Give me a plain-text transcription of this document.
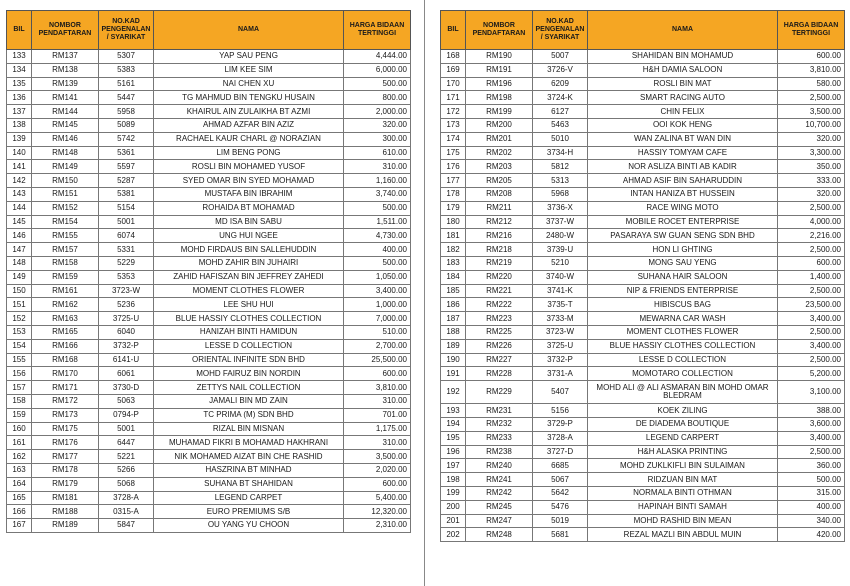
BIL	NOMBOR PENDAFTARAN	NO.KAD PENGENALAN / SYARIKAT	NAMA	HARGA BIDAAN TERTINGGI
133	RM137	5307	YAP SAU PENG	4,444.00
134	RM138	5383	LIM KEE SIM	6,000.00
135	RM139	5161	NAI CHEN XU	500.00
136	RM141	5447	TG MAHMUD BIN TENGKU HUSAIN	800.00
137	RM144	5958	KHAIRUL AIN ZULAIKHA BT AZMI	2,000.00
138	RM145	5089	AHMAD AZFAR BIN AZIZ	320.00
139	RM146	5742	RACHAEL KAUR CHARL @ NORAZIAN	300.00
140	RM148	5361	LIM BENG PONG	610.00
141	RM149	5597	ROSLI BIN MOHAMED YUSOF	310.00
142	RM150	5287	SYED OMAR BIN SYED MOHAMAD	1,160.00
143	RM151	5381	MUSTAFA BIN IBRAHIM	3,740.00
144	RM152	5154	ROHAIDA BT MOHAMAD	500.00
145	RM154	5001	MD ISA BIN SABU	1,511.00
146	RM155	6074	UNG HUI NGEE	4,730.00
147	RM157	5331	MOHD FIRDAUS BIN SALLEHUDDIN	400.00
148	RM158	5229	MOHD ZAHIR BIN JUHAIRI	500.00
149	RM159	5353	ZAHID HAFISZAN BIN JEFFREY ZAHEDI	1,050.00
150	RM161	3723-W	MOMENT CLOTHES FLOWER	3,400.00
151	RM162	5236	LEE SHU HUI	1,000.00
152	RM163	3725-U	BLUE HASSIY CLOTHES COLLECTION	7,000.00
153	RM165	6040	HANIZAH BINTI HAMIDUN	510.00
154	RM166	3732-P	LESSE D COLLECTION	2,700.00
155	RM168	6141-U	ORIENTAL INFINITE SDN BHD	25,500.00
156	RM170	6061	MOHD FAIRUZ BIN NORDIN	600.00
157	RM171	3730-D	ZETTYS NAIL COLLECTION	3,810.00
158	RM172	5063	JAMALI BIN MD ZAIN	310.00
159	RM173	0794-P	TC PRIMA (M) SDN BHD	701.00
160	RM175	5001	RIZAL BIN MISNAN	1,175.00
161	RM176	6447	MUHAMAD FIKRI B MOHAMAD HAKHRANI	310.00
162	RM177	5221	NIK MOHAMED AIZAT BIN CHE RASHID	3,500.00
163	RM178	5266	HASZRINA BT MINHAD	2,020.00
164	RM179	5068	SUHANA BT SHAHIDAN	600.00
165	RM181	3728-A	LEGEND CARPET	5,400.00
166	RM188	0315-A	EURO PREMIUMS S/B	12,320.00
167	RM189	5847	OU YANG YU CHOON	2,310.00
BIL	NOMBOR PENDAFTARAN	NO.KAD PENGENALAN / SYARIKAT	NAMA	HARGA BIDAAN TERTINGGI
168	RM190	5007	SHAHIDAN BIN MOHAMUD	600.00
169	RM191	3726-V	H&H DAMIA SALOON	3,810.00
170	RM196	6209	ROSLI BIN MAT	580.00
171	RM198	3724-K	SMART RACING AUTO	2,500.00
172	RM199	6127	CHIN FELIX	3,500.00
173	RM200	5463	OOI KOK HENG	10,700.00
174	RM201	5010	WAN ZALINA BT WAN DIN	320.00
175	RM202	3734-H	HASSIY TOMYAM CAFE	3,300.00
176	RM203	5812	NOR ASLIZA BINTI AB KADIR	350.00
177	RM205	5313	AHMAD ASIF BIN SAHARUDDIN	333.00
178	RM208	5968	INTAN HANIZA BT HUSSEIN	320.00
179	RM211	3736-X	RACE WING MOTO	2,500.00
180	RM212	3737-W	MOBILE ROCET ENTERPRISE	4,000.00
181	RM216	2480-W	PASARAYA SW GUAN SENG SDN BHD	2,216.00
182	RM218	3739-U	HON LI GHTING	2,500.00
183	RM219	5210	MONG SAU YENG	600.00
184	RM220	3740-W	SUHANA HAIR SALOON	1,400.00
185	RM221	3741-K	NIP & FRIENDS ENTERPRISE	2,500.00
186	RM222	3735-T	HIBISCUS BAG	23,500.00
187	RM223	3733-M	MEWARNA CAR WASH	3,400.00
188	RM225	3723-W	MOMENT CLOTHES FLOWER	2,500.00
189	RM226	3725-U	BLUE HASSIY CLOTHES COLLECTION	3,400.00
190	RM227	3732-P	LESSE D COLLECTION	2,500.00
191	RM228	3731-A	MOMOTARO COLLECTION	5,200.00
192	RM229	5407	MOHD ALI @ ALI ASMARAN BIN MOHD OMAR BLEDRAM	3,100.00
193	RM231	5156	KOEK ZILING	388.00
194	RM232	3729-P	DE DIADEMA BOUTIQUE	3,600.00
195	RM233	3728-A	LEGEND CARPERT	3,400.00
196	RM238	3727-D	H&H ALASKA PRINTING	2,500.00
197	RM240	6685	MOHD ZUKLKIFLI BIN SULAIMAN	360.00
198	RM241	5067	RIDZUAN BIN MAT	500.00
199	RM242	5642	NORMALA BINTI OTHMAN	315.00
200	RM245	5476	HAPINAH BINTI SAMAH	400.00
201	RM247	5019	MOHD RASHID BIN MEAN	340.00
202	RM248	5681	REZAL MAZLI BIN ABDUL MUIN	420.00
